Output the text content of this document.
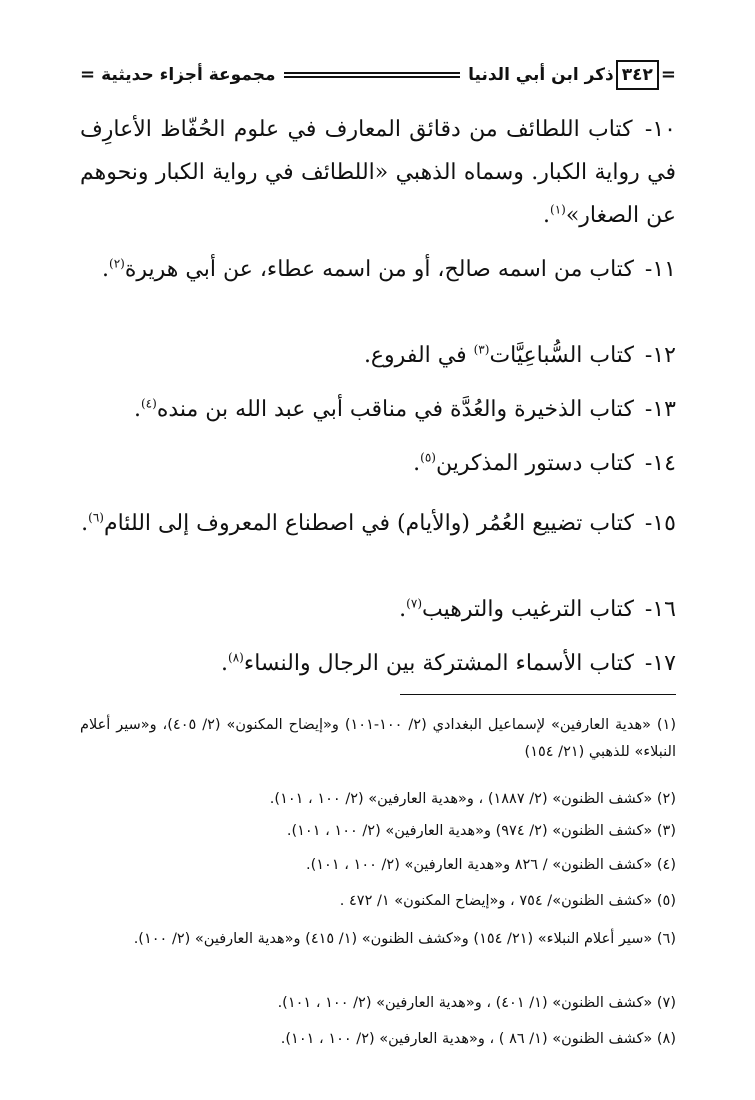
=
٣٤٢
ذكر ابن أبي الدنيا
مجموعة أجزاء حديثية
=

١٠- كتاب اللطائف من دقائق المعارف في علوم الحُفّاظ الأعارِف في رواية الكبار. وسماه الذهبي «اللطائف في رواية الكبار ونحوهم عن الصغار»$^{(١)}$.

١١- كتاب من اسمه صالح، أو من اسمه عطاء، عن أبي هريرة$^{(٢)}$.

١٢- كتاب السُّباعِيَّات$^{(٣)}$ في الفروع.

١٣- كتاب الذخيرة والعُدَّة في مناقب أبي عبد الله بن منده$^{(٤)}$.

١٤- كتاب دستور المذكرين$^{(٥)}$.

١٥- كتاب تضييع العُمُر (والأيام) في اصطناع المعروف إلى اللئام$^{(٦)}$.

١٦- كتاب الترغيب والترهيب$^{(٧)}$.

١٧- كتاب الأسماء المشتركة بين الرجال والنساء$^{(٨)}$.

(١) «هدية العارفين» لإسماعيل البغدادي (٢/ ١٠٠-١٠١) و«إيضاح المكنون» (٢/ ٤٠٥)، و«سير أعلام النبلاء» للذهبي (٢١/ ١٥٤)
(٢) «كشف الظنون» (٢/ ١٨٨٧) ، و«هدية العارفين» (٢/ ١٠٠ ، ١٠١).
(٣) «كشف الظنون» (٢/ ٩٧٤) و«هدية العارفين» (٢/ ١٠٠ ، ١٠١).
(٤) «كشف الظنون» / ٨٢٦ و«هدية العارفين» (٢/ ١٠٠ ، ١٠١).
(٥) «كشف الظنون»/ ٧٥٤ ، و«إيضاح المكنون» ١/ ٤٧٢ .
(٦) «سير أعلام النبلاء» (٢١/ ١٥٤) و«كشف الظنون» (١/ ٤١٥) و«هدية العارفين» (٢/ ١٠٠).
(٧) «كشف الظنون» (١/ ٤٠١) ، و«هدية العارفين» (٢/ ١٠٠ ، ١٠١).
(٨) «كشف الظنون» (١/ ٨٦ ) ، و«هدية العارفين» (٢/ ١٠٠ ، ١٠١).
